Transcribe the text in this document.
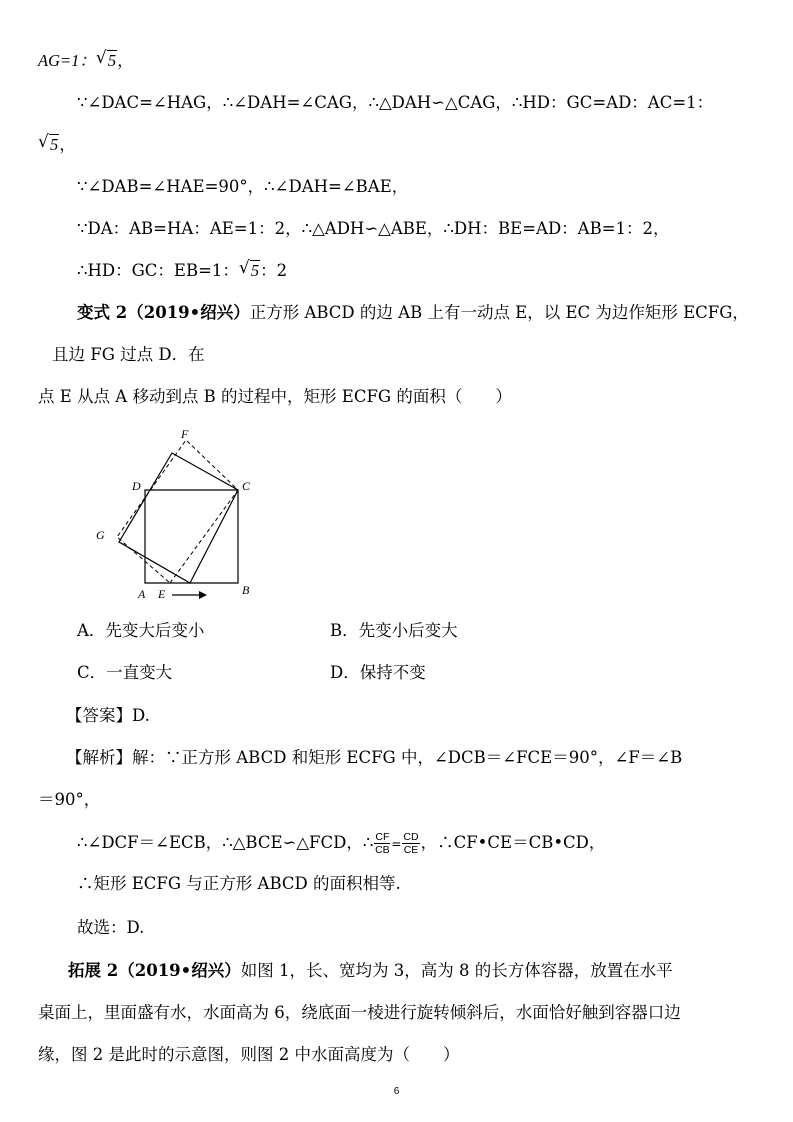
AG=1： √ 5，
∵∠DAC=∠HAG，∴∠DAH=∠CAG，∴△DAH∽△CAG，∴HD：GC=AD：AC=1：
√ 5，
∵∠DAB=∠HAE=90°，∴∠DAH=∠BAE，
∵DA：AB=HA：AE=1：2，∴△ADH∽△ABE，∴DH：BE=AD：AB=1：2，
∴HD：GC：EB=1： √ 5：2
变式 2（2019•绍兴）正方形 ABCD 的边 AB 上有一动点 E，以 EC 为边作矩形 ECFG，
且边 FG 过点 D．在
点 E 从点 A 移动到点 B 的过程中，矩形 ECFG 的面积（　　）
F
D	C
G
A E	B
A．先变大后变小	B．先变小后变大
C．一直变大	D．保持不变
【答案】D.
【解析】解：∵正方形 ABCD 和矩形 ECFG 中，∠DCB＝∠FCE＝90°，∠F＝∠B
＝90°，
∴∠DCF＝∠ECB，∴△BCE∽△FCD，∴ $\frac{CF}{CB} = \frac{CD}{CE}$ ，∴CF•CE＝CB•CD，
∴矩形 ECFG 与正方形 ABCD 的面积相等.
故选：D.
拓展 2（2019•绍兴）如图 1，长、宽均为 3，高为 8 的长方体容器，放置在水平
桌面上，里面盛有水，水面高为 6，绕底面一棱进行旋转倾斜后，水面恰好触到容器口边
缘，图 2 是此时的示意图，则图 2 中水面高度为（　　）
6
